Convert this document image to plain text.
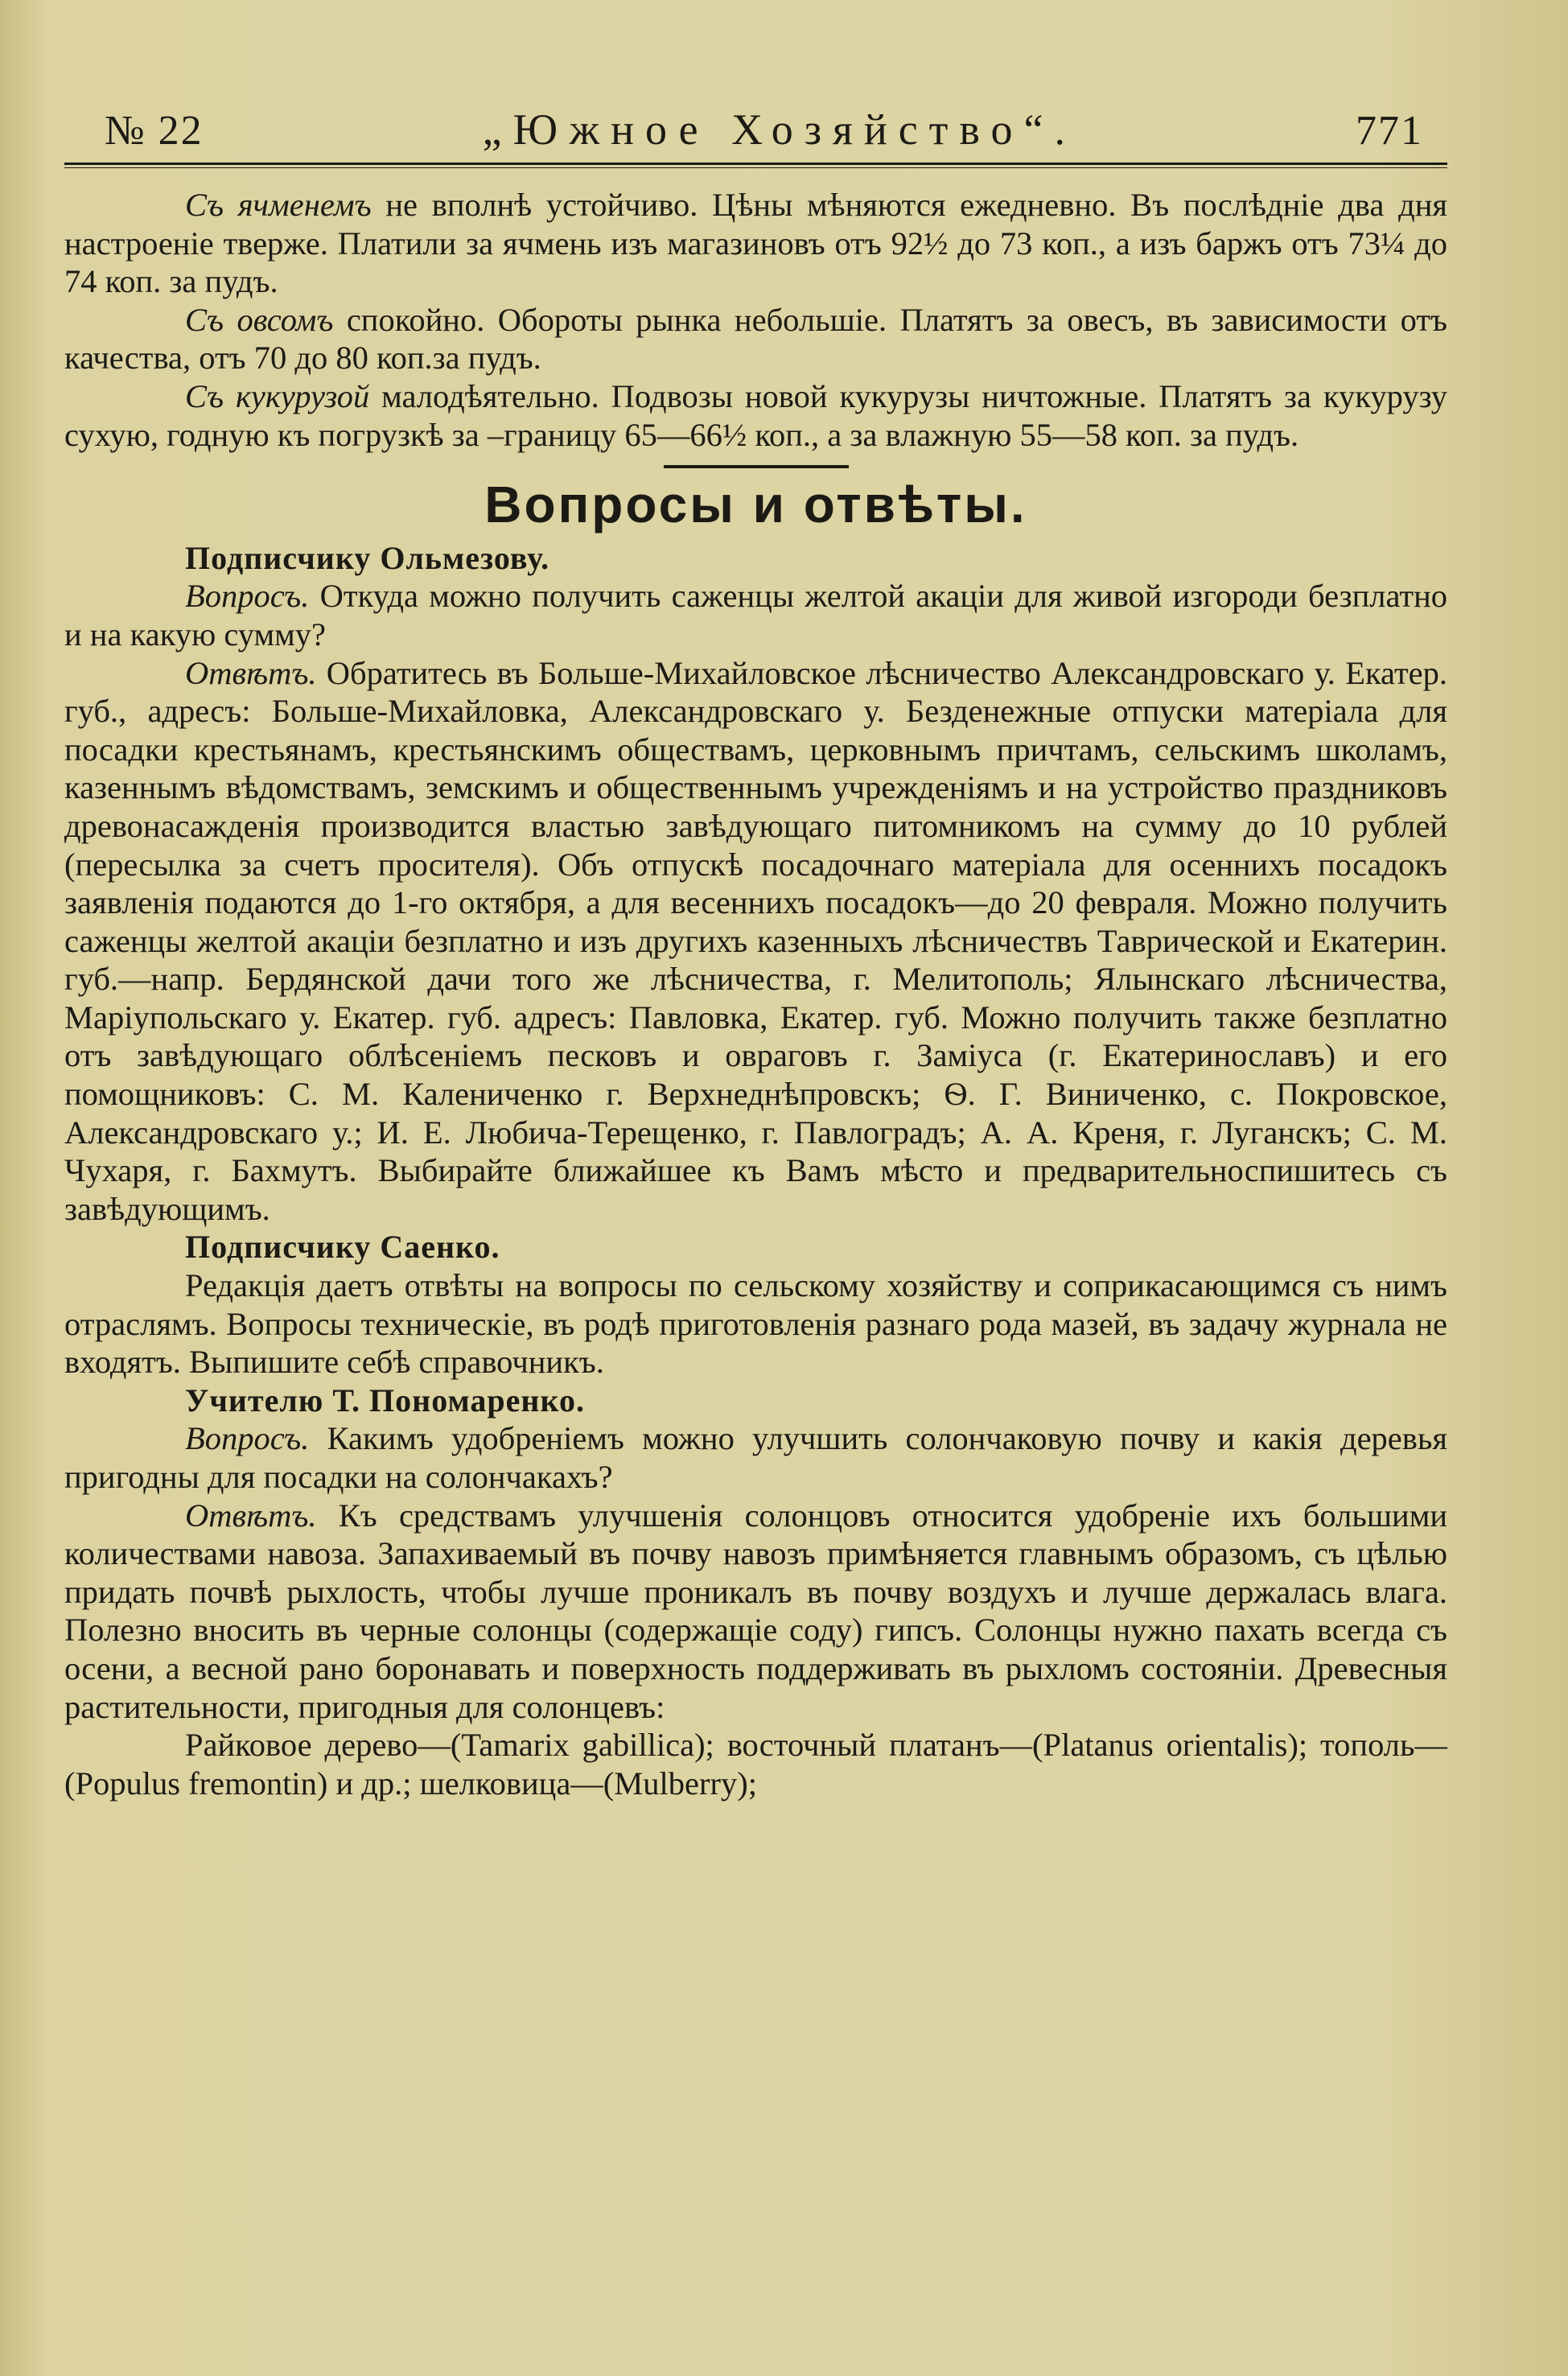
№ 22	„Южное Хозяйство“.	771

Съ ячменемъ не вполнѣ устойчиво. Цѣны мѣняются ежедневно. Въ послѣдніе два дня настроеніе тверже. Платили за ячмень изъ магазиновъ отъ 92½ до 73 коп., а изъ баржъ отъ 73¼ до 74 коп. за пудъ.

Съ овсомъ спокойно. Обороты рынка небольшіе. Платятъ за овесъ, въ зависимости отъ качества, отъ 70 до 80 коп.за пудъ.

Съ кукурузой малодѣятельно. Подвозы новой кукурузы ничтожные. Платятъ за кукурузу сухую, годную къ погрузкѣ за –границу 65—66½ коп., а за влажную 55—58 коп. за пудъ.

Вопросы и отвѣты.

Подписчику Ольмезову.

Вопросъ. Откуда можно получить саженцы желтой акаціи для живой изгороди безплатно и на какую сумму?

Отвѣтъ. Обратитесь въ Больше-Михайловское лѣсничество Александровскаго у. Екатер. губ., адресъ: Больше-Михайловка, Александровскаго у. Безденежные отпуски матеріала для посадки крестьянамъ, крестьянскимъ обществамъ, церковнымъ причтамъ, сельскимъ школамъ, казеннымъ вѣдомствамъ, земскимъ и общественнымъ учрежденіямъ и на устройство праздниковъ древонасажденія производится властью завѣдующаго питомникомъ на сумму до 10 рублей (пересылка за счетъ просителя). Объ отпускѣ посадочнаго матеріала для осеннихъ посадокъ заявленія подаются до 1-го октября, а для весеннихъ посадокъ—до 20 февраля. Можно получить саженцы желтой акаціи безплатно и изъ другихъ казенныхъ лѣсничествъ Таврической и Екатерин. губ.—напр. Бердянской дачи того же лѣсничества, г. Мелитополь; Ялынскаго лѣсничества, Маріупольскаго у. Екатер. губ. адресъ: Павловка, Екатер. губ. Можно получить также безплатно отъ завѣдующаго облѣсеніемъ песковъ и овраговъ г. Заміуса (г. Екатеринославъ) и его помощниковъ: С. М. Калениченко г. Верхнеднѣпровскъ; Ѳ. Г. Виниченко, с. Покровское, Александровскаго у.; И. Е. Любича-Терещенко, г. Павлоградъ; А. А. Креня, г. Луганскъ; С. М. Чухаря, г. Бахмутъ. Выбирайте ближайшее къ Вамъ мѣсто и предварительноспишитесь съ завѣдующимъ.

Подписчику Саенко.

Редакція даетъ отвѣты на вопросы по сельскому хозяйству и соприкасающимся съ нимъ отраслямъ. Вопросы техническіе, въ родѣ приготовленія разнаго рода мазей, въ задачу журнала не входятъ. Выпишите себѣ справочникъ.

Учителю Т. Пономаренко.

Вопросъ. Какимъ удобреніемъ можно улучшить солончаковую почву и какія деревья пригодны для посадки на солончакахъ?

Отвѣтъ. Къ средствамъ улучшенія солонцовъ относится удобреніе ихъ большими количествами навоза. Запахиваемый въ почву навозъ примѣняется главнымъ образомъ, съ цѣлью придать почвѣ рыхлость, чтобы лучше проникалъ въ почву воздухъ и лучше держалась влага. Полезно вносить въ черные солонцы (содержащіе соду) гипсъ. Солонцы нужно пахать всегда съ осени, а весной рано боронавать и поверхность поддерживать въ рыхломъ состояніи. Древесныя растительности, пригодныя для солонцевъ:

Райковое дерево—(Tamarix gabillica); восточный платанъ—(Platanus orientalis); тополь—(Populus fremontin) и др.; шелковица—(Mulberry);
